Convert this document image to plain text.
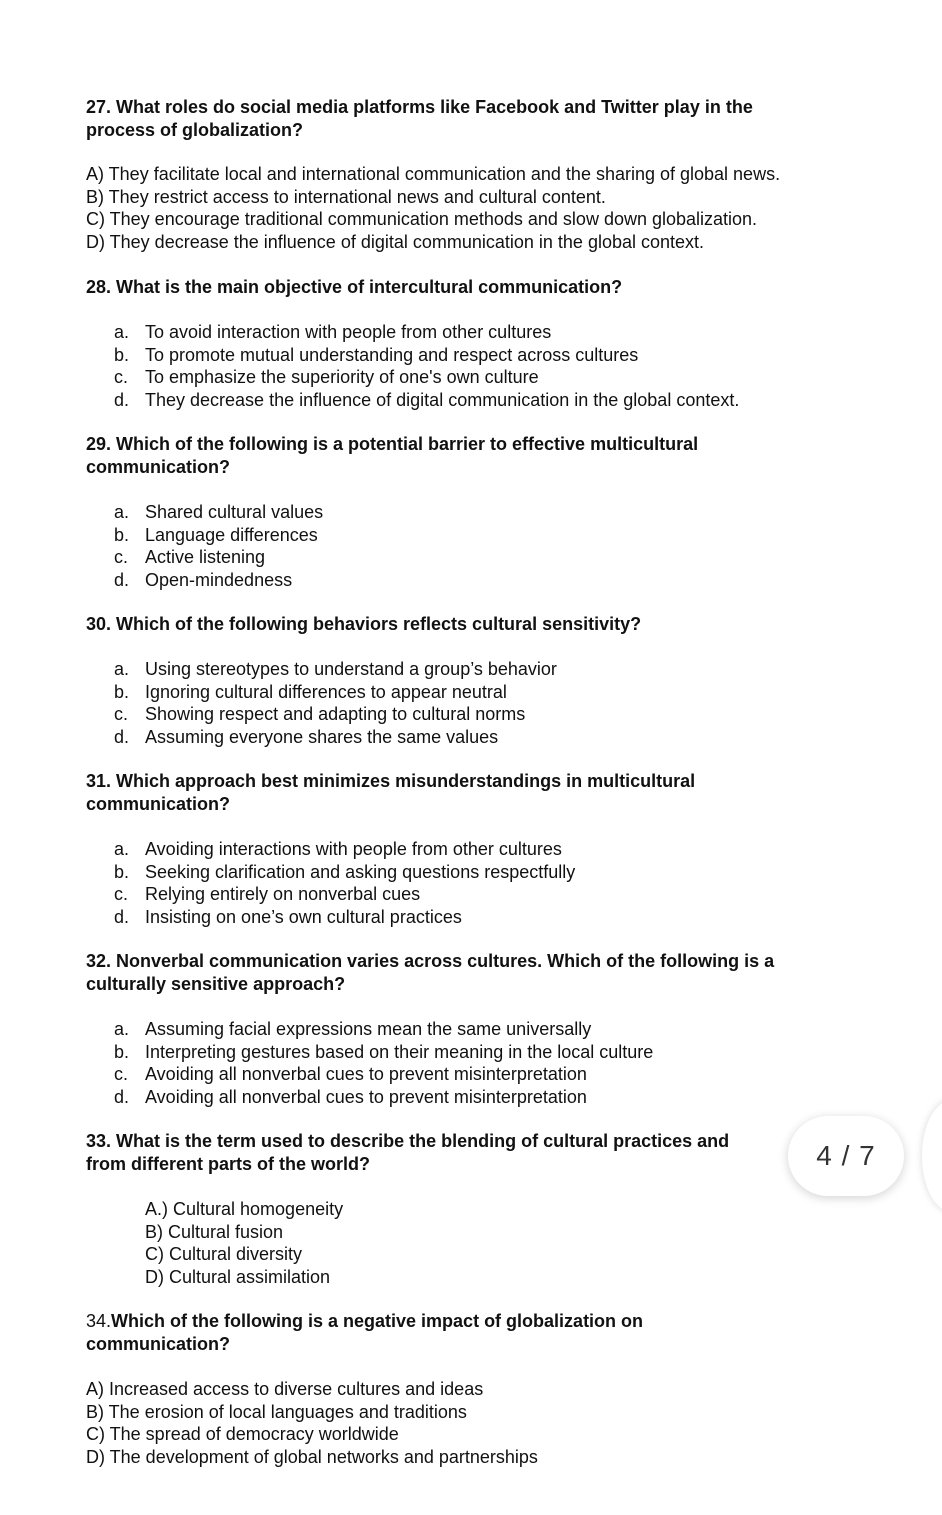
27. What roles do social media platforms like Facebook and Twitter play in the
process of globalization?
A) They facilitate local and international communication and the sharing of global news.
B) They restrict access to international news and cultural content.
C) They encourage traditional communication methods and slow down globalization.
D) They decrease the influence of digital communication in the global context.
28. What is the main objective of intercultural communication?
a. To avoid interaction with people from other cultures
b. To promote mutual understanding and respect across cultures
c. To emphasize the superiority of one's own culture
d. They decrease the influence of digital communication in the global context.
29. Which of the following is a potential barrier to effective multicultural
communication?
a. Shared cultural values
b. Language differences
c. Active listening
d. Open-mindedness
30. Which of the following behaviors reflects cultural sensitivity?
a. Using stereotypes to understand a group’s behavior
b. Ignoring cultural differences to appear neutral
c. Showing respect and adapting to cultural norms
d. Assuming everyone shares the same values
31. Which approach best minimizes misunderstandings in multicultural
communication?
a. Avoiding interactions with people from other cultures
b. Seeking clarification and asking questions respectfully
c. Relying entirely on nonverbal cues
d. Insisting on one’s own cultural practices
32. Nonverbal communication varies across cultures. Which of the following is a
culturally sensitive approach?
a. Assuming facial expressions mean the same universally
b. Interpreting gestures based on their meaning in the local culture
c. Avoiding all nonverbal cues to prevent misinterpretation
d. Avoiding all nonverbal cues to prevent misinterpretation
33. What is the term used to describe the blending of cultural practices and
from different parts of the world?
A.) Cultural homogeneity
B) Cultural fusion
C) Cultural diversity
D) Cultural assimilation
34.Which of the following is a negative impact of globalization on
communication?
A) Increased access to diverse cultures and ideas
B) The erosion of local languages and traditions
C) The spread of democracy worldwide
D) The development of global networks and partnerships
4 / 7
